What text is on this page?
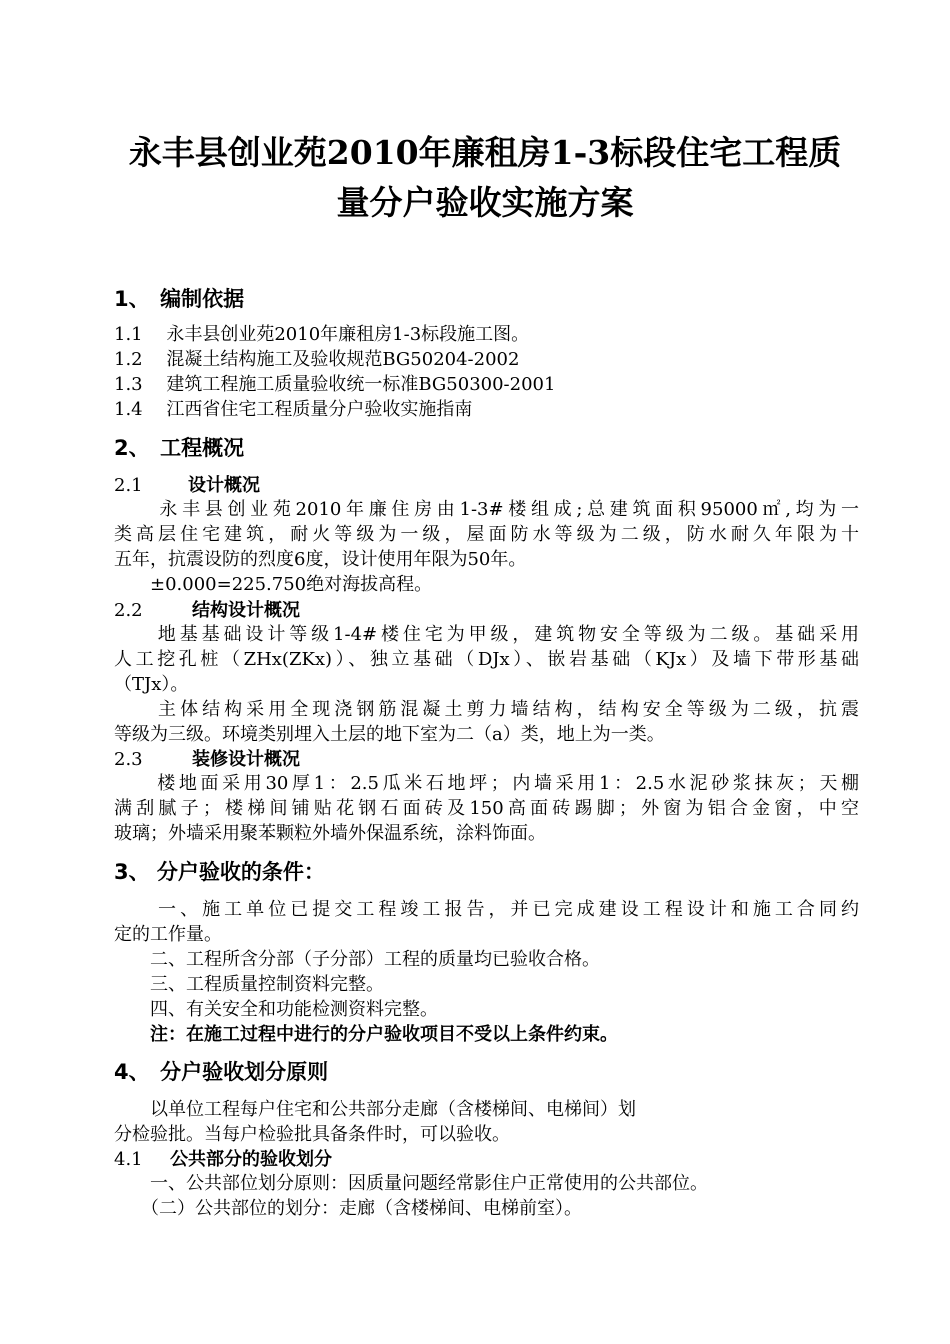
永丰县创业苑2010年廉租房1-3标段住宅工程质
量分户验收实施方案
1、　编制依据
1.1　 永丰县创业苑2010年廉租房1-3标段施工图。
1.2　 混凝土结构施工及验收规范BG50204-2002
1.3　 建筑工程施工质量验收统一标准BG50300-2001
1.4　 江西省住宅工程质量分户验收实施指南
2、　工程概况
2.1	设计概况
　　永丰县创业苑2010年廉住房由1-3#楼组成;总建筑面积95000㎡,均为一
类高层住宅建筑，耐火等级为一级，屋面防水等级为二级，防水耐久年限为十
五年，抗震设防的烈度6度，设计使用年限为50年。
　　±0.000=225.750绝对海拔高程。
2.2	结构设计概况
　　地基基础设计等级1-4#楼住宅为甲级，建筑物安全等级为二级。基础采用
人工挖孔桩（ZHx(ZKx)）、独立基础（DJx）、嵌岩基础（KJx）及墙下带形基础
（TJx）。
　　主体结构采用全现浇钢筋混凝土剪力墙结构，结构安全等级为二级，抗震
等级为三级。环境类别埋入土层的地下室为二（a）类，地上为一类。
2.3	装修设计概况
　　楼地面采用30厚1：2.5瓜米石地坪；内墙采用1：2.5水泥砂浆抹灰；天棚
满刮腻子；楼梯间铺贴花钢石面砖及150高面砖踢脚；外窗为铝合金窗，中空
玻璃；外墙采用聚苯颗粒外墙外保温系统，涂料饰面。
3、 分户验收的条件：
　　一、施工单位已提交工程竣工报告，并已完成建设工程设计和施工合同约
定的工作量。
　　二、工程所含分部（子分部）工程的质量均已验收合格。
　　三、工程质量控制资料完整。
　　四、有关安全和功能检测资料完整。
　　注：在施工过程中进行的分户验收项目不受以上条件约束。
4、　分户验收划分原则
　　以单位工程每户住宅和公共部分走廊（含楼梯间、电梯间）划
分检验批。当每户检验批具备条件时，可以验收。
4.1 公共部分的验收划分
　　一、公共部位划分原则：因质量问题经常影住户正常使用的公共部位。
　　（二）公共部位的划分：走廊（含楼梯间、电梯前室）。
